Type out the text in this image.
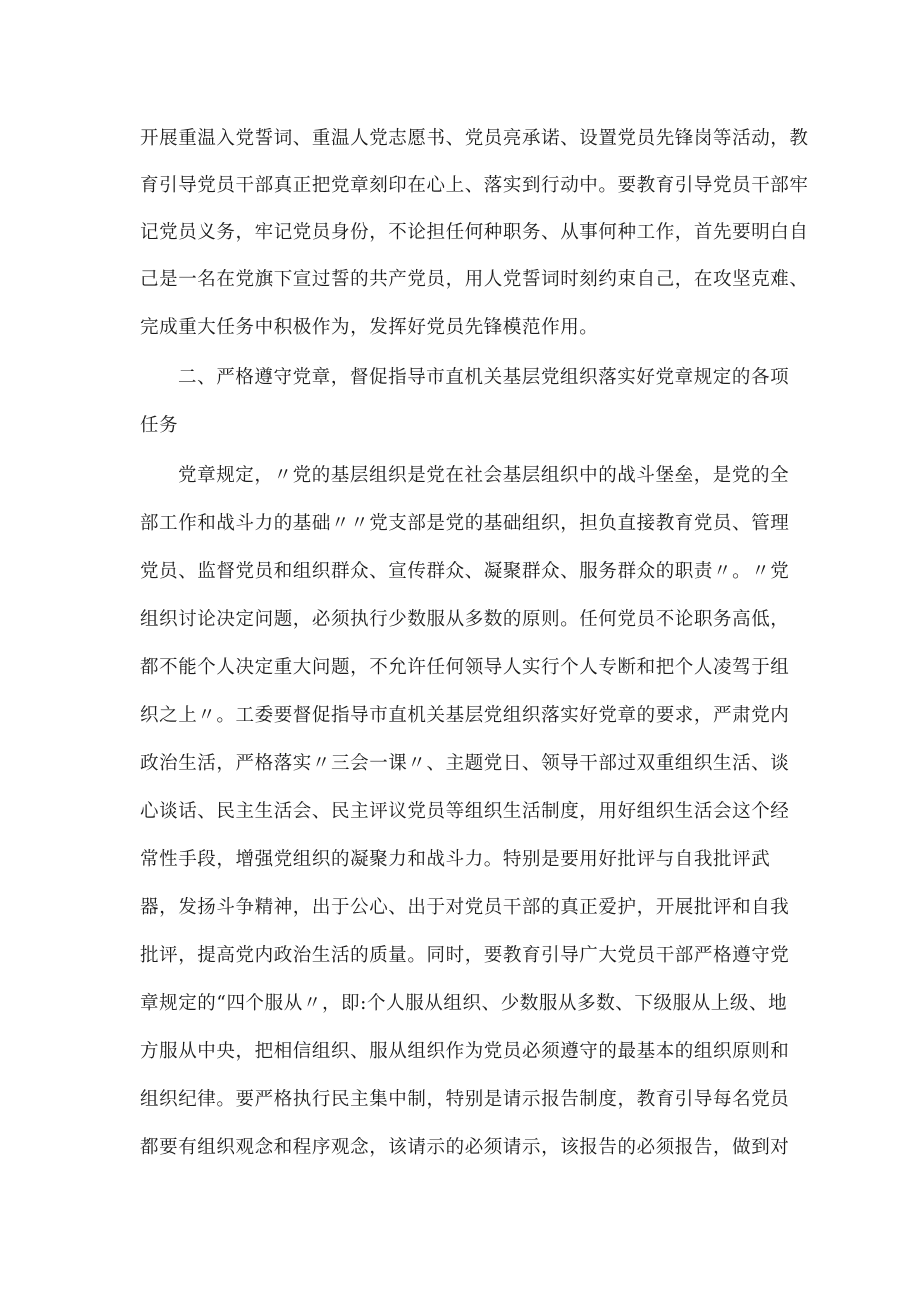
开展重温入党誓词、重温人党志愿书、党员亮承诺、设置党员先锋岗等活动，教
育引导党员干部真正把党章刻印在心上、落实到行动中。要教育引导党员干部牢
记党员义务，牢记党员身份，不论担任何种职务、从事何种工作，首先要明白自
己是一名在党旗下宣过誓的共产党员，用人党誓词时刻约束自己，在攻坚克难、
完成重大任务中积极作为，发挥好党员先锋模范作用。
二、严格遵守党章，督促指导市直机关基层党组织落实好党章规定的各项
任务
党章规定，〃党的基层组织是党在社会基层组织中的战斗堡垒，是党的全
部工作和战斗力的基础〃〃党支部是党的基础组织，担负直接教育党员、管理
党员、监督党员和组织群众、宣传群众、凝聚群众、服务群众的职责〃。〃党
组织讨论决定问题，必须执行少数服从多数的原则。任何党员不论职务高低，
都不能个人决定重大问题，不允许任何领导人实行个人专断和把个人凌驾于组
织之上〃。工委要督促指导市直机关基层党组织落实好党章的要求，严肃党内
政治生活，严格落实〃三会一课〃、主题党日、领导干部过双重组织生活、谈
心谈话、民主生活会、民主评议党员等组织生活制度，用好组织生活会这个经
常性手段，增强党组织的凝聚力和战斗力。特别是要用好批评与自我批评武
器，发扬斗争精神，出于公心、出于对党员干部的真正爱护，开展批评和自我
批评，提高党内政治生活的质量。同时，要教育引导广大党员干部严格遵守党
章规定的“四个服从〃，即:个人服从组织、少数服从多数、下级服从上级、地
方服从中央，把相信组织、服从组织作为党员必须遵守的最基本的组织原则和
组织纪律。要严格执行民主集中制，特别是请示报告制度，教育引导每名党员
都要有组织观念和程序观念，该请示的必须请示，该报告的必须报告，做到对
